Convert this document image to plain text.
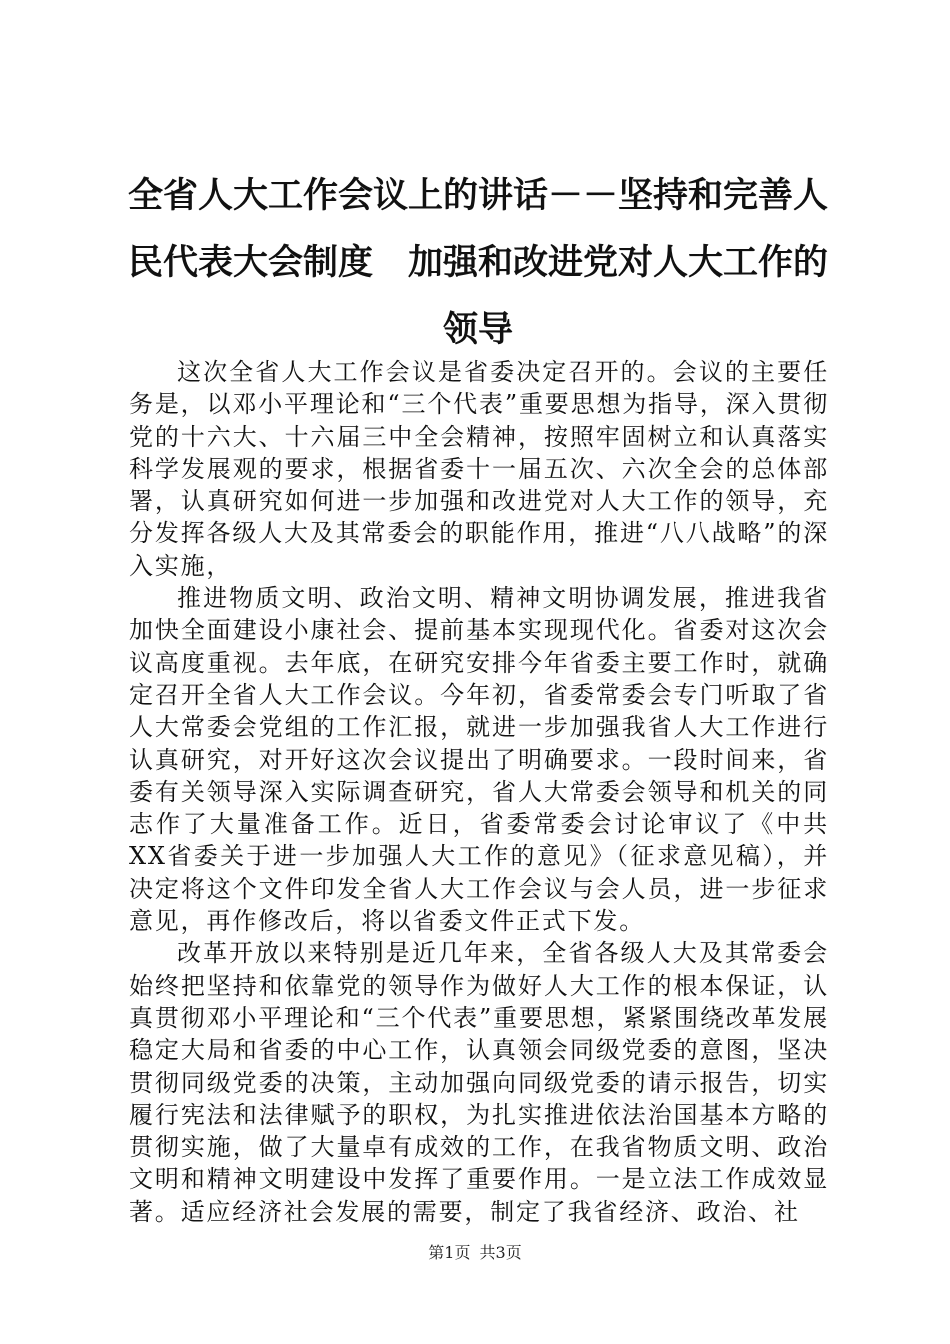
全省人大工作会议上的讲话－－坚持和完善人
民代表大会制度　加强和改进党对人大工作的
领导

这次全省人大工作会议是省委决定召开的。会议的主要任务是，以邓小平理论和“三个代表”重要思想为指导，深入贯彻党的十六大、十六届三中全会精神，按照牢固树立和认真落实科学发展观的要求，根据省委十一届五次、六次全会的总体部署，认真研究如何进一步加强和改进党对人大工作的领导，充分发挥各级人大及其常委会的职能作用，推进“八八战略”的深入实施，

推进物质文明、政治文明、精神文明协调发展，推进我省加快全面建设小康社会、提前基本实现现代化。省委对这次会议高度重视。去年底，在研究安排今年省委主要工作时，就确定召开全省人大工作会议。今年初，省委常委会专门听取了省人大常委会党组的工作汇报，就进一步加强我省人大工作进行认真研究，对开好这次会议提出了明确要求。一段时间来，省委有关领导深入实际调查研究，省人大常委会领导和机关的同志作了大量准备工作。近日，省委常委会讨论审议了《中共XX省委关于进一步加强人大工作的意见》（征求意见稿），并决定将这个文件印发全省人大工作会议与会人员，进一步征求意见，再作修改后，将以省委文件正式下发。

改革开放以来特别是近几年来，全省各级人大及其常委会始终把坚持和依靠党的领导作为做好人大工作的根本保证，认真贯彻邓小平理论和“三个代表”重要思想，紧紧围绕改革发展稳定大局和省委的中心工作，认真领会同级党委的意图，坚决贯彻同级党委的决策，主动加强向同级党委的请示报告，切实履行宪法和法律赋予的职权，为扎实推进依法治国基本方略的贯彻实施，做了大量卓有成效的工作，在我省物质文明、政治文明和精神文明建设中发挥了重要作用。一是立法工作成效显著。适应经济社会发展的需要，制定了我省经济、政治、社

第1页 共3页
